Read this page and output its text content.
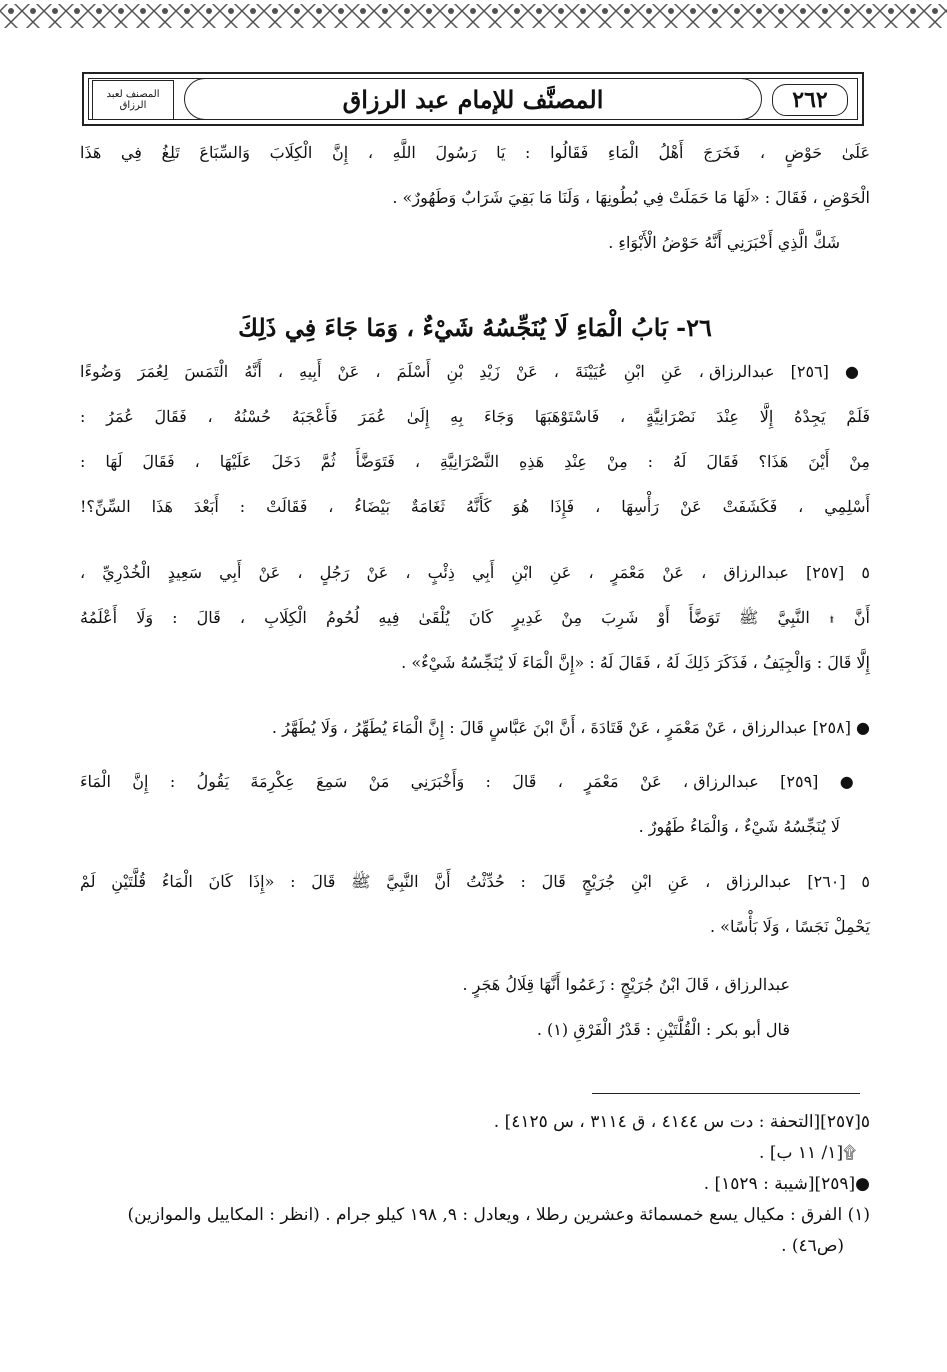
المصنف لعبد الرزاق	المصنَّف للإمام عبد الرزاق	٢٦٢
عَلَىٰ حَوْضٍ ، فَخَرَجَ أَهْلُ الْمَاءِ فَقَالُوا : يَا رَسُولَ اللَّهِ ، إِنَّ الْكِلَابَ وَالسِّبَاعَ تَلِغُ فِي هَذَا
الْحَوْضِ ، فَقَالَ : «لَهَا مَا حَمَلَتْ فِي بُطُونِهَا ، وَلَنَا مَا بَقِيَ شَرَابٌ وَطَهُورٌ» .
شَكَّ الَّذِي أَخْبَرَنِي أَنَّهُ حَوْضُ الْأَبْوَاءِ .
٢٦- بَابُ الْمَاءِ لَا يُنَجِّسُهُ شَيْءٌ ، وَمَا جَاءَ فِي ذَلِكَ
● [٢٥٦] عبدالرزاق ، عَنِ ابْنِ عُيَيْنَةَ ، عَنْ زَيْدِ بْنِ أَسْلَمَ ، عَنْ أَبِيهِ ، أَنَّهُ الْتَمَسَ لِعُمَرَ وَضُوءًا
فَلَمْ يَجِدْهُ إِلَّا عِنْدَ نَصْرَانِيَّةٍ ، فَاسْتَوْهَبَهَا وَجَاءَ بِهِ إِلَىٰ عُمَرَ فَأَعْجَبَهُ حُسْنُهُ ، فَقَالَ عُمَرُ :
مِنْ أَيْنَ هَذَا؟ فَقَالَ لَهُ : مِنْ عِنْدِ هَذِهِ النَّصْرَانِيَّةِ ، فَتَوَضَّأَ ثُمَّ دَخَلَ عَلَيْهَا ، فَقَالَ لَهَا :
أَسْلِمِي ، فَكَشَفَتْ عَنْ رَأْسِهَا ، فَإِذَا هُوَ كَأَنَّهُ ثَغَامَةٌ بَيْضَاءُ ، فَقَالَتْ : أَبَعْدَ هَذَا السِّنِّ؟!
٥ [٢٥٧] عبدالرزاق ، عَنْ مَعْمَرٍ ، عَنِ ابْنِ أَبِي ذِئْبٍ ، عَنْ رَجُلٍ ، عَنْ أَبِي سَعِيدٍ الْخُدْرِيِّ ،
أَنَّ ۩ النَّبِيَّ ﷺ تَوَضَّأَ أَوْ شَرِبَ مِنْ غَدِيرٍ كَانَ يُلْقَىٰ فِيهِ لُحُومُ الْكِلَابِ ، قَالَ : وَلَا أَعْلَمُهُ
إِلَّا قَالَ : وَالْجِيَفُ ، فَذَكَرَ ذَلِكَ لَهُ ، فَقَالَ لَهُ : «إِنَّ الْمَاءَ لَا يُنَجِّسُهُ شَيْءٌ» .
● [٢٥٨] عبدالرزاق ، عَنْ مَعْمَرٍ ، عَنْ قَتَادَةَ ، أَنَّ ابْنَ عَبَّاسٍ قَالَ : إِنَّ الْمَاءَ يُطَهِّرُ ، وَلَا يُطَهَّرُ .
● [٢٥٩] عبدالرزاق ، عَنْ مَعْمَرٍ ، قَالَ : وَأَخْبَرَنِي مَنْ سَمِعَ عِكْرِمَةَ يَقُولُ : إِنَّ الْمَاءَ
لَا يُنَجِّسُهُ شَيْءٌ ، وَالْمَاءُ طَهُورٌ .
٥ [٢٦٠] عبدالرزاق ، عَنِ ابْنِ جُرَيْجٍ قَالَ : حُدِّثْتُ أَنَّ النَّبِيَّ ﷺ قَالَ : «إِذَا كَانَ الْمَاءُ قُلَّتَيْنِ لَمْ
يَحْمِلْ نَجَسًا ، وَلَا بَأْسًا» .
عبدالرزاق ، قَالَ ابْنُ جُرَيْجٍ : زَعَمُوا أَنَّهَا قِلَالُ هَجَرٍ .
قال أبو بكر : الْقُلَّتَيْنِ : قَدْرُ الْفَرْقِ (١) .
٥[٢٥٧][التحفة : دت س ٤١٤٤ ، ق ٣١١٤ ، س ٤١٢٥] .
۩[١/ ١١ ب] .
●[٢٥٩][شيبة : ١٥٢٩] .
(١) الفرق : مكيال يسع خمسمائة وعشرين رطلا ، ويعادل : ٩, ١٩٨ كيلو جرام . (انظر : المكاييل والموازين)
(ص٤٦) .
